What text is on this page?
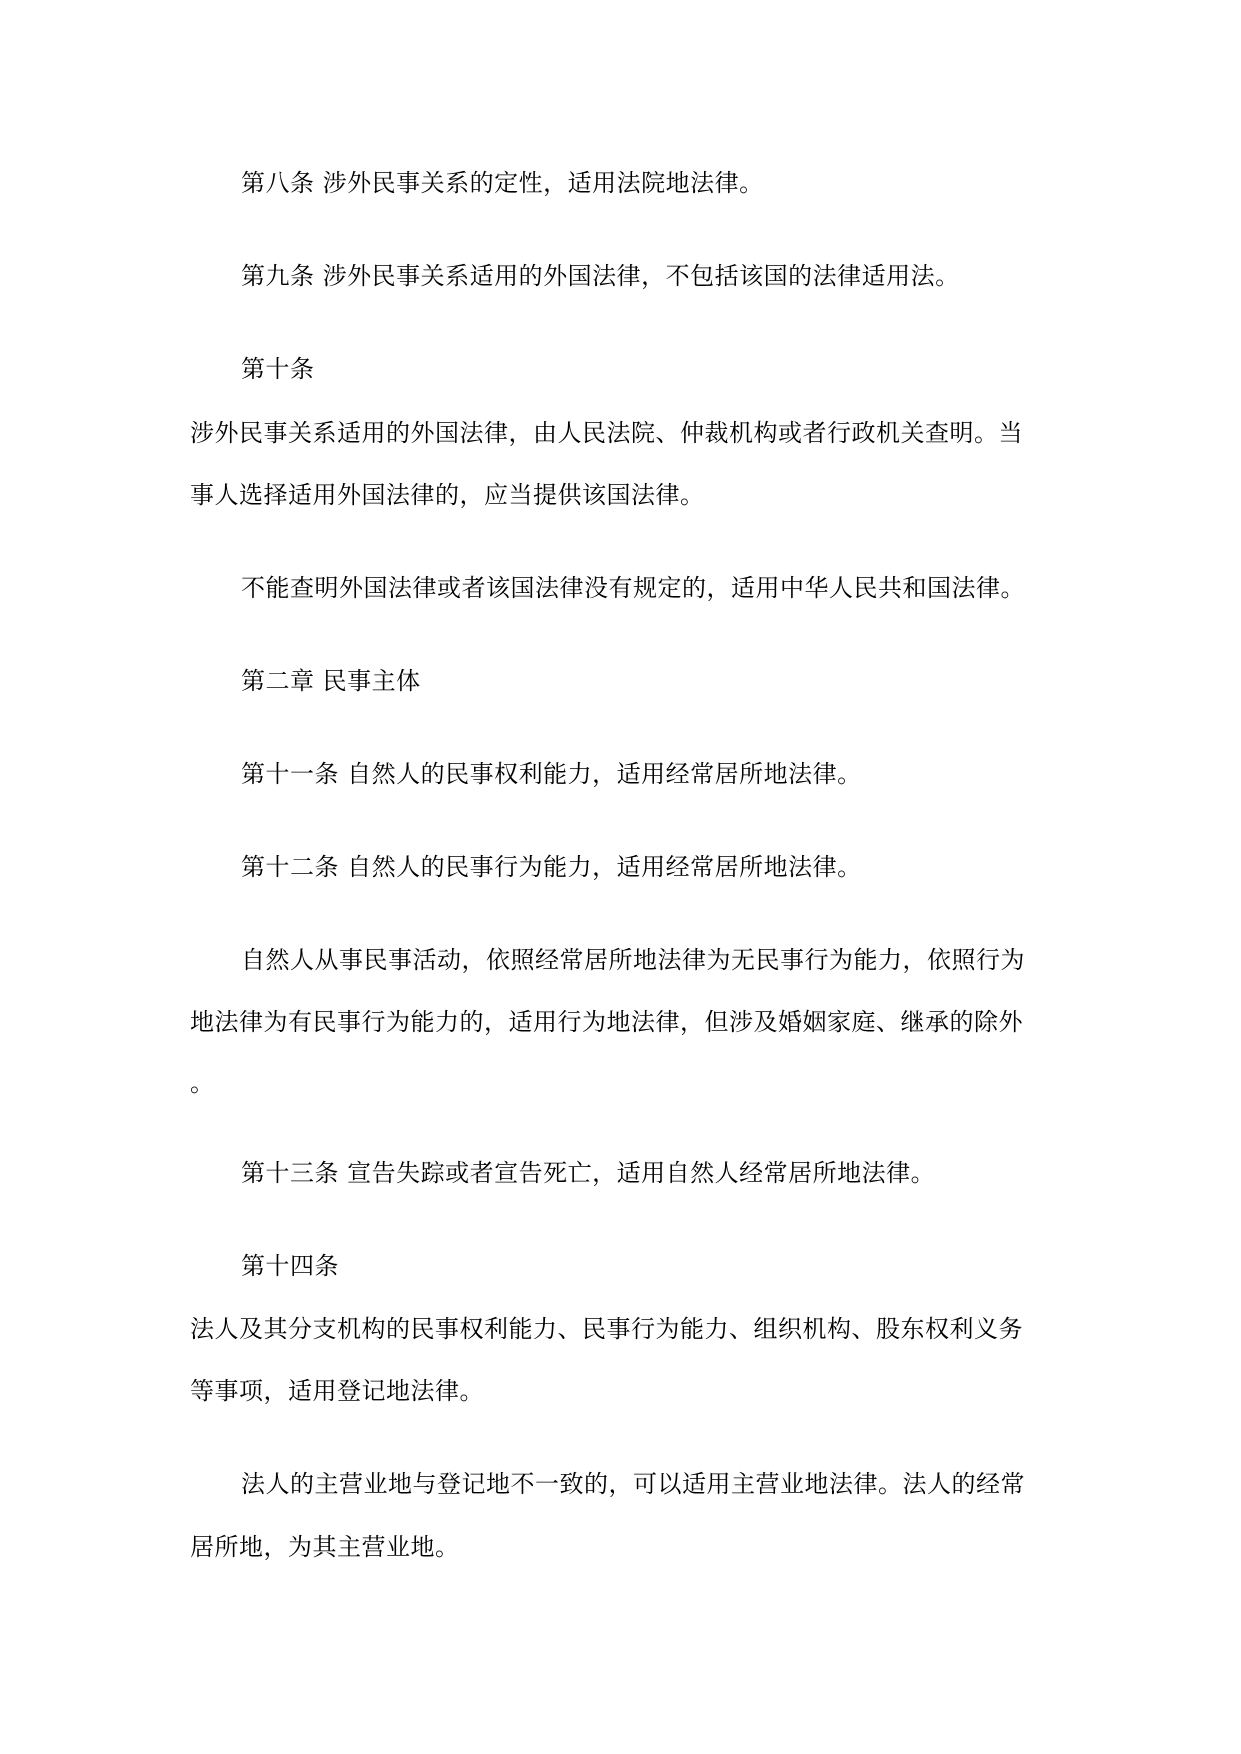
第八条 涉外民事关系的定性，适用法院地法律。
第九条 涉外民事关系适用的外国法律，不包括该国的法律适用法。
第十条
涉外民事关系适用的外国法律，由人民法院、仲裁机构或者行政机关查明。当
事人选择适用外国法律的，应当提供该国法律。
不能查明外国法律或者该国法律没有规定的，适用中华人民共和国法律。
第二章 民事主体
第十一条 自然人的民事权利能力，适用经常居所地法律。
第十二条 自然人的民事行为能力，适用经常居所地法律。
自然人从事民事活动，依照经常居所地法律为无民事行为能力，依照行为
地法律为有民事行为能力的，适用行为地法律，但涉及婚姻家庭、继承的除外
。
第十三条 宣告失踪或者宣告死亡，适用自然人经常居所地法律。
第十四条
法人及其分支机构的民事权利能力、民事行为能力、组织机构、股东权利义务
等事项，适用登记地法律。
法人的主营业地与登记地不一致的，可以适用主营业地法律。法人的经常
居所地，为其主营业地。
